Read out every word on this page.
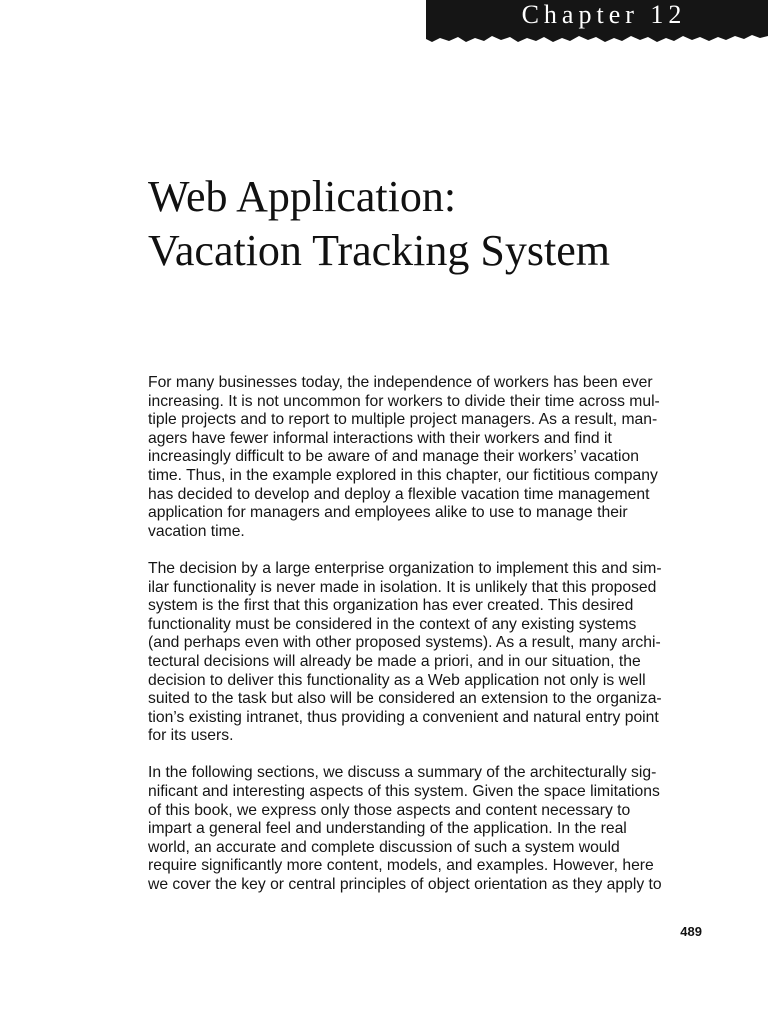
Chapter 12
Web Application:
Vacation Tracking System

For many businesses today, the independence of workers has been ever
increasing. It is not uncommon for workers to divide their time across mul-
tiple projects and to report to multiple project managers. As a result, man-
agers have fewer informal interactions with their workers and find it
increasingly difficult to be aware of and manage their workers’ vacation
time. Thus, in the example explored in this chapter, our fictitious company
has decided to develop and deploy a flexible vacation time management
application for managers and employees alike to use to manage their
vacation time.

The decision by a large enterprise organization to implement this and sim-
ilar functionality is never made in isolation. It is unlikely that this proposed
system is the first that this organization has ever created. This desired
functionality must be considered in the context of any existing systems
(and perhaps even with other proposed systems). As a result, many archi-
tectural decisions will already be made a priori, and in our situation, the
decision to deliver this functionality as a Web application not only is well
suited to the task but also will be considered an extension to the organiza-
tion’s existing intranet, thus providing a convenient and natural entry point
for its users.

In the following sections, we discuss a summary of the architecturally sig-
nificant and interesting aspects of this system. Given the space limitations
of this book, we express only those aspects and content necessary to
impart a general feel and understanding of the application. In the real
world, an accurate and complete discussion of such a system would
require significantly more content, models, and examples. However, here
we cover the key or central principles of object orientation as they apply to

489
